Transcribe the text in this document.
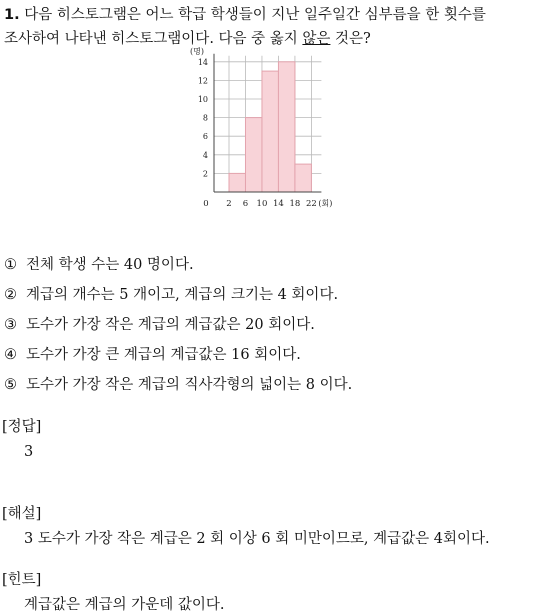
1. 다음 히스토그램은 어느 학급 학생들이 지난 일주일간 심부름을 한 횟수를
조사하여 나타낸 히스토그램이다. 다음 중 옳지 않은 것은?
2
4
6
8
10
12
14
0 2 6 10 14 18 22
(명)
(회)
① 전체 학생 수는 40 명이다.
② 계급의 개수는 5 개이고, 계급의 크기는 4 회이다.
③ 도수가 가장 작은 계급의 계급값은 20 회이다.
④ 도수가 가장 큰 계급의 계급값은 16 회이다.
⑤ 도수가 가장 작은 계급의 직사각형의 넓이는 8 이다.
[정답]
3
[해설]
3 도수가 가장 작은 계급은 2 회 이상 6 회 미만이므로, 계급값은 4회이다.
[힌트]
계급값은 계급의 가운데 값이다.
